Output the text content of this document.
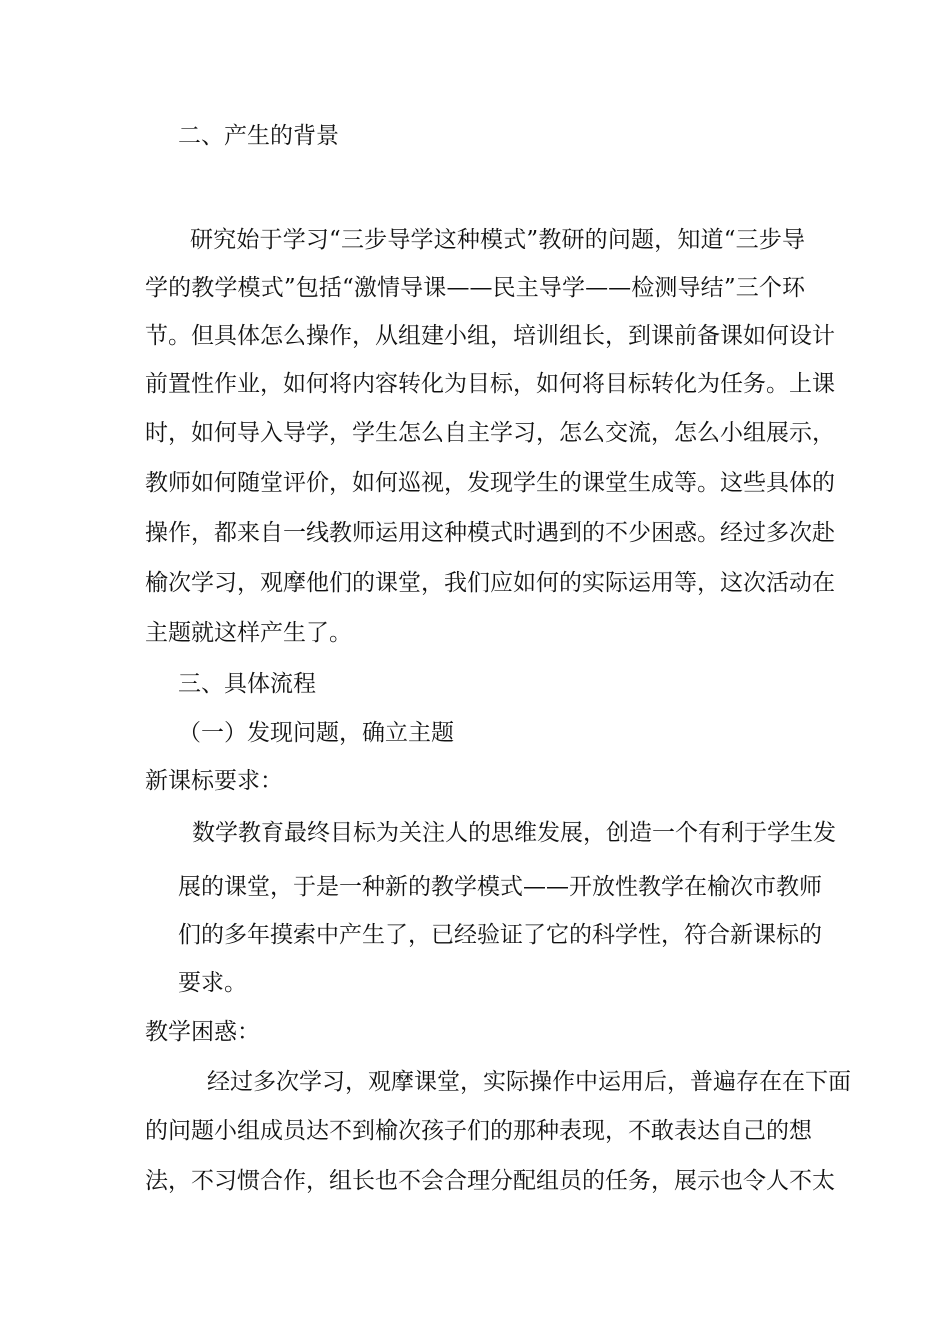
二、产生的背景
研究始于学习“三步导学这种模式”教研的问题，知道“三步导
学的教学模式”包括“激情导课——民主导学——检测导结”三个环
节。但具体怎么操作，从组建小组，培训组长，到课前备课如何设计
前置性作业，如何将内容转化为目标，如何将目标转化为任务。上课
时，如何导入导学，学生怎么自主学习，怎么交流，怎么小组展示，
教师如何随堂评价，如何巡视，发现学生的课堂生成等。这些具体的
操作，都来自一线教师运用这种模式时遇到的不少困惑。经过多次赴
榆次学习，观摩他们的课堂，我们应如何的实际运用等，这次活动在
主题就这样产生了。
三、具体流程
（一）发现问题，确立主题
新课标要求：
数学教育最终目标为关注人的思维发展，创造一个有利于学生发
展的课堂，于是一种新的教学模式——开放性教学在榆次市教师
们的多年摸索中产生了，已经验证了它的科学性，符合新课标的
要求。
教学困惑：
经过多次学习，观摩课堂，实际操作中运用后，普遍存在在下面
的问题小组成员达不到榆次孩子们的那种表现，不敢表达自己的想
法，不习惯合作，组长也不会合理分配组员的任务，展示也令人不太
